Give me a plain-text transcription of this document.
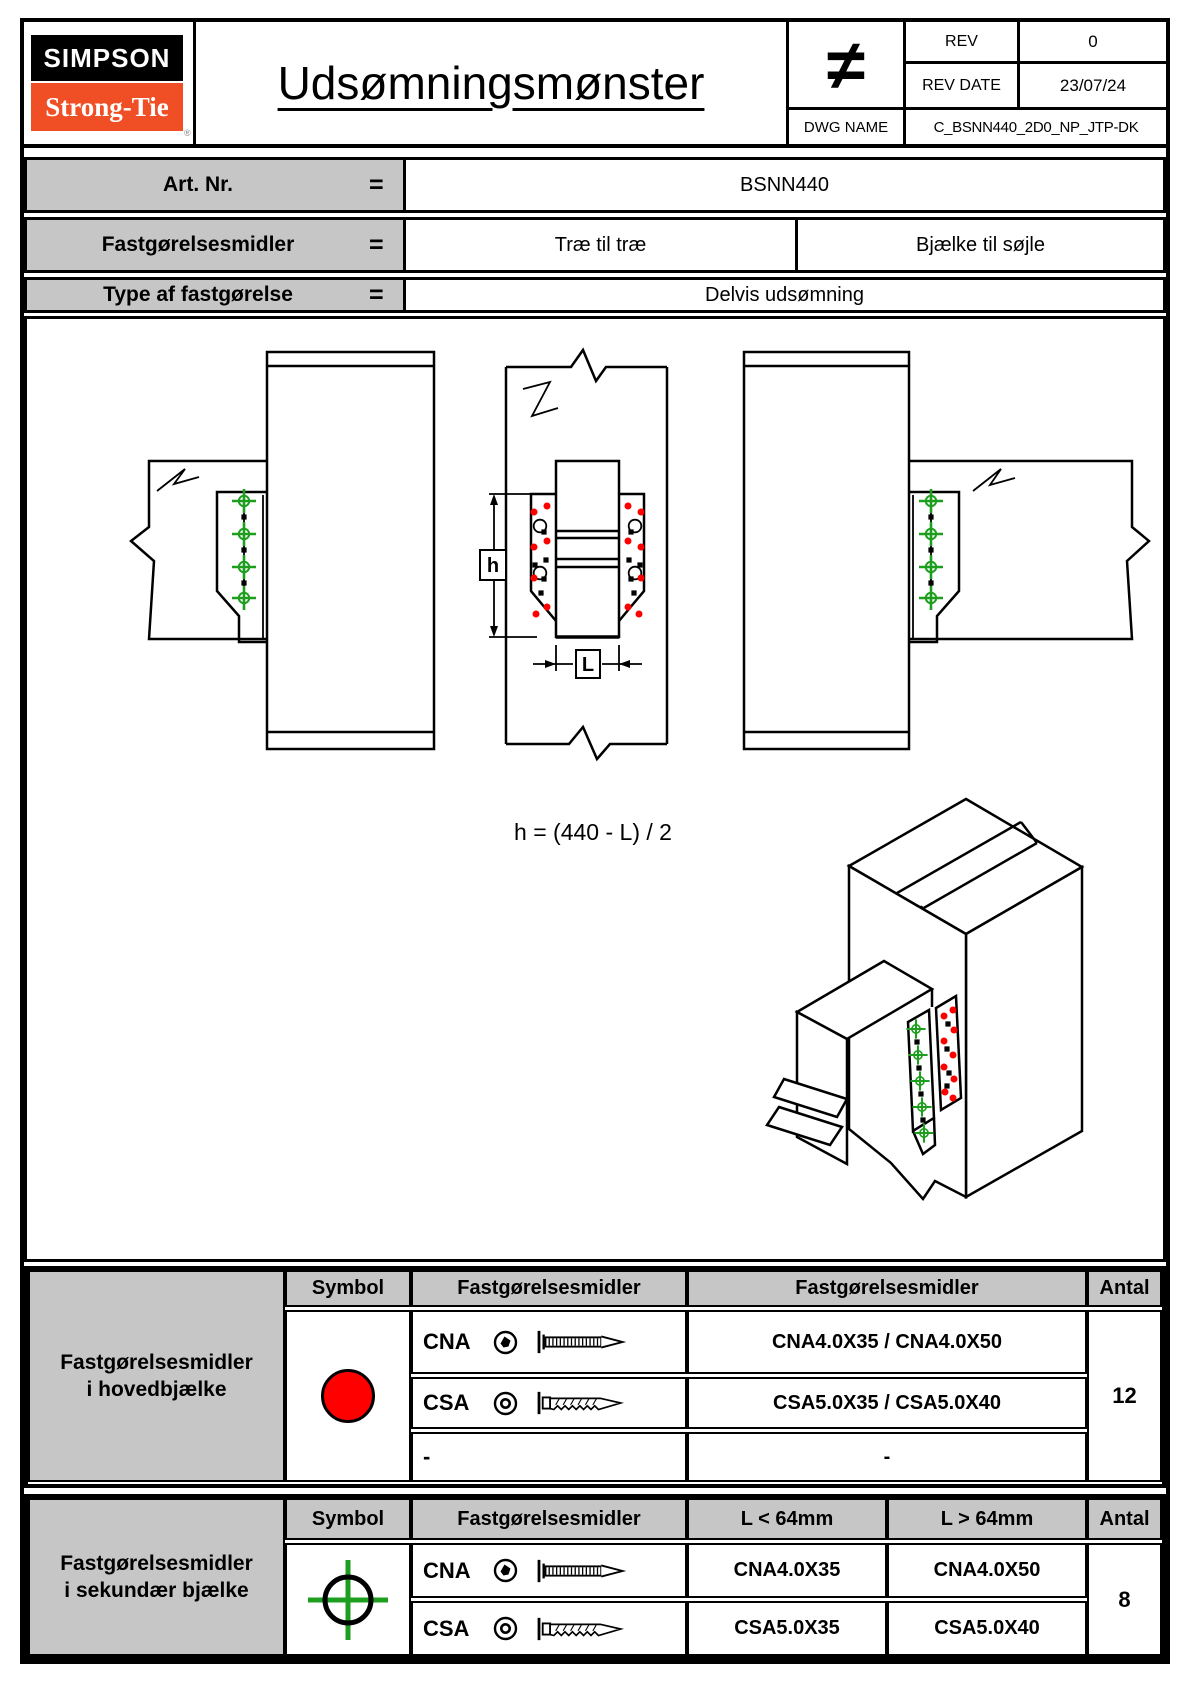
SIMPSON
Strong-Tie
®
Udsømningsmønster ≠	REV	0
REV DATE	23/07/24
DWG NAME	C_BSNN440_2D0_NP_JTP-DK
Art. Nr.	=	BSNN440
Fastgørelsesmidler	=	Træ til træ	Bjælke til søjle
Type af fastgørelse	=	Delvis udsømning
h
L
h = (440 - L) / 2
Fastgørelsesmidler
i hovedbjælke
Symbol	Fastgørelsesmidler	Fastgørelsesmidler	Antal
CNA	CNA4.0X35 / CNA4.0X50
CSA	CSA5.0X35 / CSA5.0X40
-	-
12
Fastgørelsesmidler
i sekundær bjælke
Symbol	Fastgørelsesmidler	L < 64mm	L > 64mm	Antal
CNA	CNA4.0X35	CNA4.0X50
CSA	CSA5.0X35	CSA5.0X40
8
